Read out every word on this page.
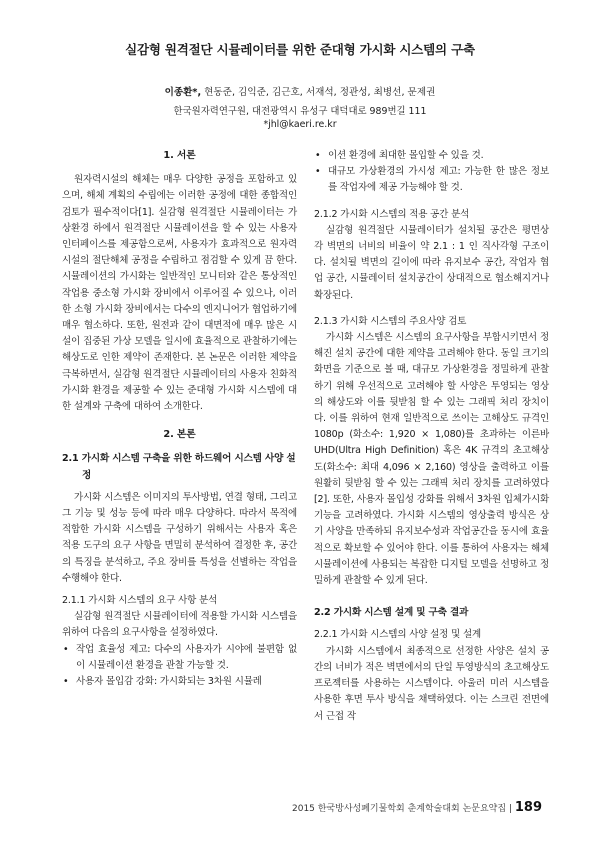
실감형 원격절단 시뮬레이터를 위한 준대형 가시화 시스템의 구축
이종환*, 현동준, 김익준, 김근호, 서재석, 정관성, 최병선, 문제권
한국원자력연구원, 대전광역시 유성구 대덕대로 989번길 111
*jhl@kaeri.re.kr
1. 서론

원자력시설의 해체는 매우 다양한 공정을 포함하고 있으며, 해체 계획의 수립에는 이러한 공정에 대한 종합적인 검토가 필수적이다[1]. 실감형 원격절단 시뮬레이터는 가상환경 하에서 원격절단 시뮬레이션을 할 수 있는 사용자 인터페이스를 제공함으로써, 사용자가 효과적으로 원자력시설의 절단해체 공정을 수립하고 점검할 수 있게 끔 한다. 시뮬레이션의 가시화는 일반적인 모니터와 같은 통상적인 작업용 중소형 가시화 장비에서 이루어질 수 있으나, 이러한 소형 가시화 장비에서는 다수의 엔지니어가 협업하기에 매우 협소하다. 또한, 원전과 같이 대면적에 매우 많은 시설이 집중된 가상 모델을 일시에 효율적으로 관찰하기에는 해상도로 인한 제약이 존재한다. 본 논문은 이러한 제약을 극복하면서, 실감형 원격절단 시뮬레이터의 사용자 친화적 가시화 환경을 제공할 수 있는 준대형 가시화 시스템에 대한 설계와 구축에 대하여 소개한다.

2. 본론
2.1 가시화 시스템 구축을 위한 하드웨어 시스템 사양 설정

가시화 시스템은 이미지의 투사방법, 연결 형태, 그리고 그 기능 및 성능 등에 따라 매우 다양하다. 따라서 목적에 적합한 가시화 시스템을 구성하기 위해서는 사용자 혹은 적용 도구의 요구 사항을 면밀히 분석하여 결정한 후, 공간의 특징을 분석하고, 주요 장비를 특성을 선별하는 작업을 수행해야 한다.

2.1.1 가시화 시스템의 요구 사항 분석

실감형 원격절단 시뮬레이터에 적용할 가시화 시스템을 위하여 다음의 요구사항을 설정하였다.

• 작업 효율성 제고: 다수의 사용자가 시야에 불편함 없이 시뮬레이션 환경을 관찰 가능할 것.
• 사용자 몰입감 강화: 가시화되는 3차원 시뮬레
• 이션 환경에 최대한 몰입할 수 있을 것.
• 대규모 가상환경의 가시성 제고: 가능한 한 많은 정보를 작업자에 제공 가능해야 할 것.
2.1.2 가시화 시스템의 적용 공간 분석

실감형 원격절단 시뮬레이터가 설치될 공간은 평면상 각 벽면의 너비의 비율이 약 2.1 : 1 인 직사각형 구조이다. 설치될 벽면의 길이에 따라 유지보수 공간, 작업자 협업 공간, 시뮬레이터 설치공간이 상대적으로 협소해지거나 확장된다.

2.1.3 가시화 시스템의 주요사양 검토

가시화 시스템은 시스템의 요구사항을 부합시키면서 정해진 설치 공간에 대한 제약을 고려해야 한다. 동일 크기의 화면을 기준으로 볼 때, 대규모 가상환경을 정밀하게 관찰하기 위해 우선적으로 고려해야 할 사양은 투영되는 영상의 해상도와 이를 뒷받침 할 수 있는 그래픽 처리 장치이다. 이를 위하여 현재 일반적으로 쓰이는 고해상도 규격인 1080p (화소수: 1,920 × 1,080)를 초과하는 이른바 UHD(Ultra High Definition) 혹은 4K 규격의 초고해상도(화소수: 최대 4,096 × 2,160) 영상을 출력하고 이를 원활히 뒷받침 할 수 있는 그래픽 처리 장치를 고려하였다[2]. 또한, 사용자 몰입성 강화를 위해서 3차원 입체가시화 기능을 고려하였다. 가시화 시스템의 영상출력 방식은 상기 사양을 만족하되 유지보수성과 작업공간을 동시에 효율적으로 확보할 수 있어야 한다. 이를 통하여 사용자는 해체 시뮬레이션에 사용되는 복잡한 디지털 모델을 선명하고 정밀하게 관찰할 수 있게 된다.

2.2 가시화 시스템 설계 및 구축 결과
2.2.1 가시화 시스템의 사양 설정 및 설계

가시화 시스템에서 최종적으로 선정한 사양은 설치 공간의 너비가 적은 벽면에서의 단일 투영방식의 초고해상도 프로젝터를 사용하는 시스템이다. 아울러 미러 시스템을 사용한 후면 투사 방식을 채택하였다. 이는 스크린 전면에서 근접 작

2015 한국방사성폐기물학회 춘계학술대회 논문요약집 | 189
